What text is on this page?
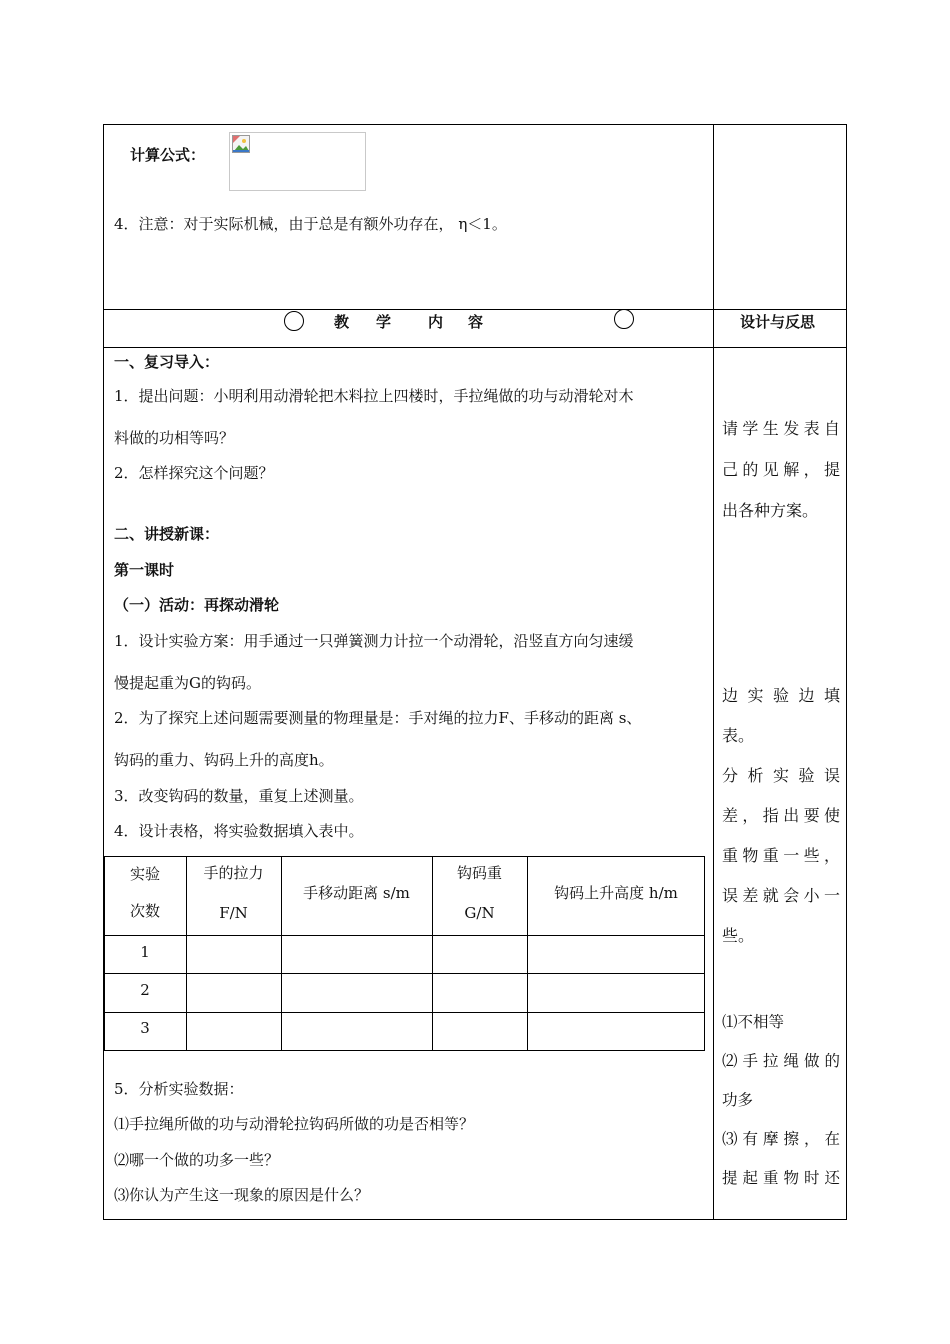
计算公式：
4．注意：对于实际机械，由于总是有额外功存在， η＜1。
教 学 内 容	设计与反思
一、复习导入：
1．提出问题：小明利用动滑轮把木料拉上四楼时，手拉绳做的功与动滑轮对木
料做的功相等吗？
2．怎样探究这个问题？
二、讲授新课：
第一课时
（一）活动：再探动滑轮
1．设计实验方案：用手通过一只弹簧测力计拉一个动滑轮，沿竖直方向匀速缓
慢提起重为G的钩码。
2．为了探究上述问题需要测量的物理量是：手对绳的拉力F、手移动的距离 s、
钩码的重力、钩码上升的高度h。
3．改变钩码的数量，重复上述测量。
4．设计表格，将实验数据填入表中。
实验
次数
手的拉力
F/N
手移动距离 s/m
钩码重
G/N
钩码上升高度 h/m
1
2
3
5．分析实验数据：
⑴手拉绳所做的功与动滑轮拉钩码所做的功是否相等？
⑵哪一个做的功多一些？
⑶你认为产生这一现象的原因是什么？
请学生发表自
己的见解，提
出各种方案。
边实验边填
表。
分析实验误
差，指出要使
重物重一些，
误差就会小一
些。
⑴不相等
⑵手拉绳做的
功多
⑶有摩擦，在
提起重物时还
